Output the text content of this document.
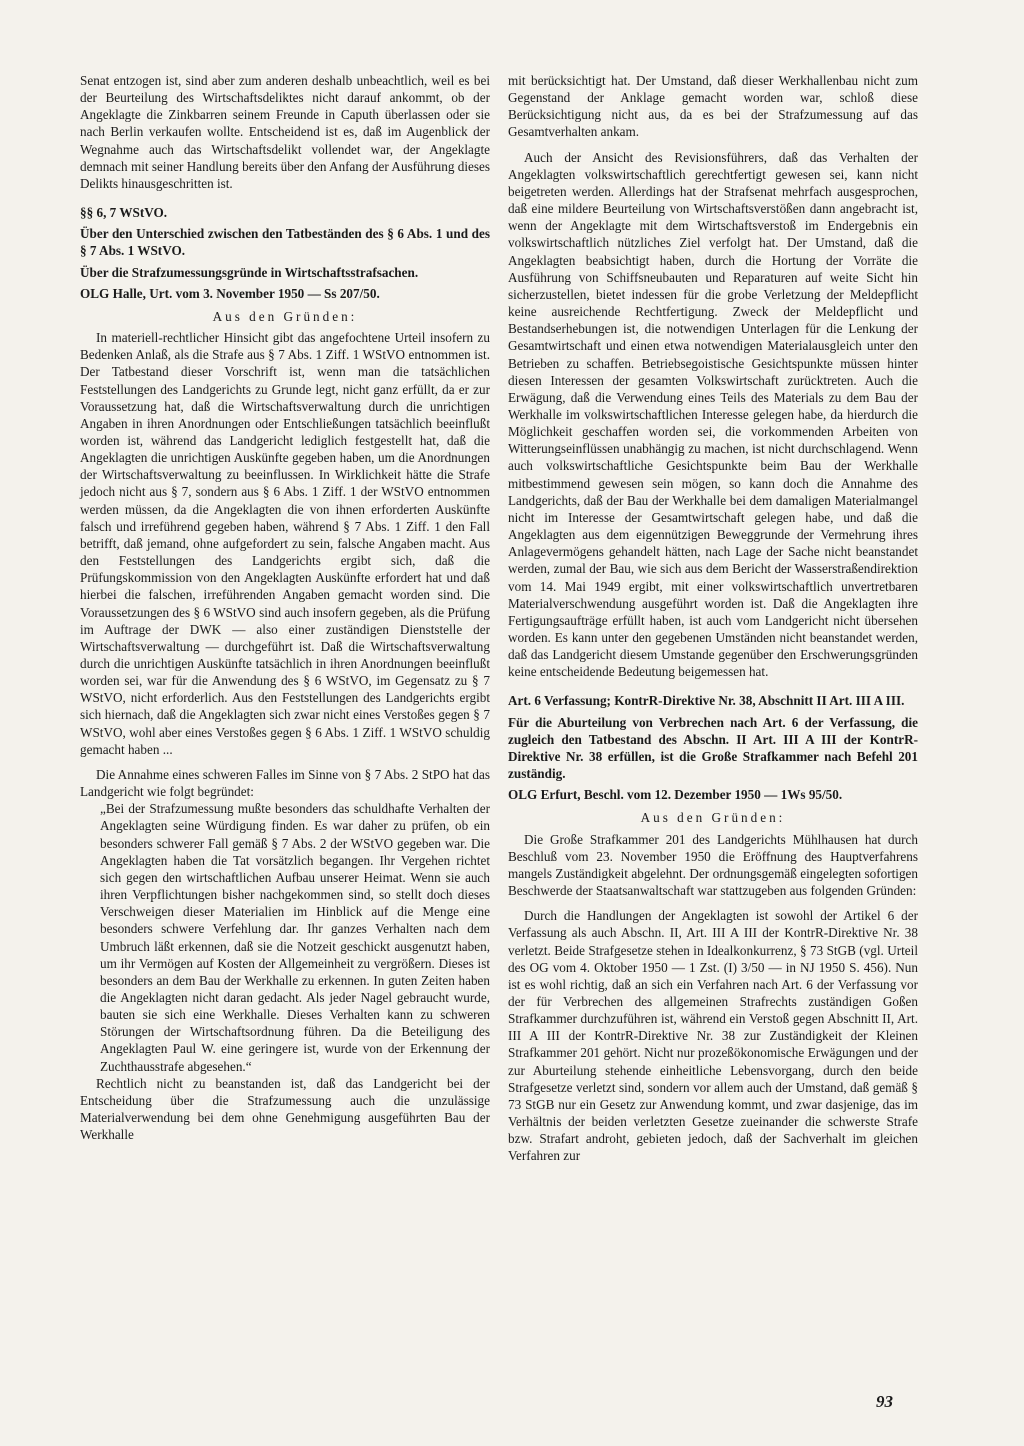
Senat entzogen ist, sind aber zum anderen deshalb unbeachtlich, weil es bei der Beurteilung des Wirtschaftsdeliktes nicht darauf ankommt, ob der Angeklagte die Zinkbarren seinem Freunde in Caputh überlassen oder sie nach Berlin verkaufen wollte. Entscheidend ist es, daß im Augenblick der Wegnahme auch das Wirtschaftsdelikt vollendet war, der Angeklagte demnach mit seiner Handlung bereits über den Anfang der Ausführung dieses Delikts hinausgeschritten ist.

§§ 6, 7 WStVO.

Über den Unterschied zwischen den Tatbeständen des § 6 Abs. 1 und des § 7 Abs. 1 WStVO.

Über die Strafzumessungsgründe in Wirtschaftsstrafsachen.

OLG Halle, Urt. vom 3. November 1950 — Ss 207/50.

Aus den Gründen:

In materiell-rechtlicher Hinsicht gibt das angefochtene Urteil insofern zu Bedenken Anlaß, als die Strafe aus § 7 Abs. 1 Ziff. 1 WStVO entnommen ist. Der Tatbestand dieser Vorschrift ist, wenn man die tatsächlichen Feststellungen des Landgerichts zu Grunde legt, nicht ganz erfüllt, da er zur Voraussetzung hat, daß die Wirtschaftsverwaltung durch die unrichtigen Angaben in ihren Anordnungen oder Entschließungen tatsächlich beeinflußt worden ist, während das Landgericht lediglich festgestellt hat, daß die Angeklagten die unrichtigen Auskünfte gegeben haben, um die Anordnungen der Wirtschaftsverwaltung zu beeinflussen. In Wirklichkeit hätte die Strafe jedoch nicht aus § 7, sondern aus § 6 Abs. 1 Ziff. 1 der WStVO entnommen werden müssen, da die Angeklagten die von ihnen erforderten Auskünfte falsch und irreführend gegeben haben, während § 7 Abs. 1 Ziff. 1 den Fall betrifft, daß jemand, ohne aufgefordert zu sein, falsche Angaben macht. Aus den Feststellungen des Landgerichts ergibt sich, daß die Prüfungskommission von den Angeklagten Auskünfte erfordert hat und daß hierbei die falschen, irreführenden Angaben gemacht worden sind. Die Voraussetzungen des § 6 WStVO sind auch insofern gegeben, als die Prüfung im Auftrage der DWK — also einer zuständigen Dienststelle der Wirtschaftsverwaltung — durchgeführt ist. Daß die Wirtschaftsverwaltung durch die unrichtigen Auskünfte tatsächlich in ihren Anordnungen beeinflußt worden sei, war für die Anwendung des § 6 WStVO, im Gegensatz zu § 7 WStVO, nicht erforderlich. Aus den Feststellungen des Landgerichts ergibt sich hiernach, daß die Angeklagten sich zwar nicht eines Verstoßes gegen § 7 WStVO, wohl aber eines Verstoßes gegen § 6 Abs. 1 Ziff. 1 WStVO schuldig gemacht haben ...

Die Annahme eines schweren Falles im Sinne von § 7 Abs. 2 StPO hat das Landgericht wie folgt begründet:

„Bei der Strafzumessung mußte besonders das schuldhafte Verhalten der Angeklagten seine Würdigung finden. Es war daher zu prüfen, ob ein besonders schwerer Fall gemäß § 7 Abs. 2 der WStVO gegeben war. Die Angeklagten haben die Tat vorsätzlich begangen. Ihr Vergehen richtet sich gegen den wirtschaftlichen Aufbau unserer Heimat. Wenn sie auch ihren Verpflichtungen bisher nachgekommen sind, so stellt doch dieses Verschweigen dieser Materialien im Hinblick auf die Menge eine besonders schwere Verfehlung dar. Ihr ganzes Verhalten nach dem Umbruch läßt erkennen, daß sie die Notzeit geschickt ausgenutzt haben, um ihr Vermögen auf Kosten der Allgemeinheit zu vergrößern. Dieses ist besonders an dem Bau der Werkhalle zu erkennen. In guten Zeiten haben die Angeklagten nicht daran gedacht. Als jeder Nagel gebraucht wurde, bauten sie sich eine Werkhalle. Dieses Verhalten kann zu schweren Störungen der Wirtschaftsordnung führen. Da die Beteiligung des Angeklagten Paul W. eine geringere ist, wurde von der Erkennung der Zuchthausstrafe abgesehen.“

Rechtlich nicht zu beanstanden ist, daß das Landgericht bei der Entscheidung über die Strafzumessung auch die unzulässige Materialverwendung bei dem ohne Genehmigung ausgeführten Bau der Werkhalle

mit berücksichtigt hat. Der Umstand, daß dieser Werkhallenbau nicht zum Gegenstand der Anklage gemacht worden war, schloß diese Berücksichtigung nicht aus, da es bei der Strafzumessung auf das Gesamtverhalten ankam.

Auch der Ansicht des Revisionsführers, daß das Verhalten der Angeklagten volkswirtschaftlich gerechtfertigt gewesen sei, kann nicht beigetreten werden. Allerdings hat der Strafsenat mehrfach ausgesprochen, daß eine mildere Beurteilung von Wirtschaftsverstößen dann angebracht ist, wenn der Angeklagte mit dem Wirtschaftsverstoß im Endergebnis ein volkswirtschaftlich nützliches Ziel verfolgt hat. Der Umstand, daß die Angeklagten beabsichtigt haben, durch die Hortung der Vorräte die Ausführung von Schiffsneubauten und Reparaturen auf weite Sicht hin sicherzustellen, bietet indessen für die grobe Verletzung der Meldepflicht keine ausreichende Rechtfertigung. Zweck der Meldepflicht und Bestandserhebungen ist, die notwendigen Unterlagen für die Lenkung der Gesamtwirtschaft und einen etwa notwendigen Materialausgleich unter den Betrieben zu schaffen. Betriebsegoistische Gesichtspunkte müssen hinter diesen Interessen der gesamten Volkswirtschaft zurücktreten. Auch die Erwägung, daß die Verwendung eines Teils des Materials zu dem Bau der Werkhalle im volkswirtschaftlichen Interesse gelegen habe, da hierdurch die Möglichkeit geschaffen worden sei, die vorkommenden Arbeiten von Witterungseinflüssen unabhängig zu machen, ist nicht durchschlagend. Wenn auch volkswirtschaftliche Gesichtspunkte beim Bau der Werkhalle mitbestimmend gewesen sein mögen, so kann doch die Annahme des Landgerichts, daß der Bau der Werkhalle bei dem damaligen Materialmangel nicht im Interesse der Gesamtwirtschaft gelegen habe, und daß die Angeklagten aus dem eigennützigen Beweggrunde der Vermehrung ihres Anlagevermögens gehandelt hätten, nach Lage der Sache nicht beanstandet werden, zumal der Bau, wie sich aus dem Bericht der Wasserstraßendirektion vom 14. Mai 1949 ergibt, mit einer volkswirtschaftlich unvertretbaren Materialverschwendung ausgeführt worden ist. Daß die Angeklagten ihre Fertigungsaufträge erfüllt haben, ist auch vom Landgericht nicht übersehen worden. Es kann unter den gegebenen Umständen nicht beanstandet werden, daß das Landgericht diesem Umstande gegenüber den Erschwerungsgründen keine entscheidende Bedeutung beigemessen hat.

Art. 6 Verfassung; KontrR-Direktive Nr. 38, Abschnitt II Art. III A III.

Für die Aburteilung von Verbrechen nach Art. 6 der Verfassung, die zugleich den Tatbestand des Abschn. II Art. III A III der KontrR-Direktive Nr. 38 erfüllen, ist die Große Strafkammer nach Befehl 201 zuständig.

OLG Erfurt, Beschl. vom 12. Dezember 1950 — 1Ws 95/50.

Aus den Gründen:

Die Große Strafkammer 201 des Landgerichts Mühlhausen hat durch Beschluß vom 23. November 1950 die Eröffnung des Hauptverfahrens mangels Zuständigkeit abgelehnt. Der ordnungsgemäß eingelegten sofortigen Beschwerde der Staatsanwaltschaft war stattzugeben aus folgenden Gründen:

Durch die Handlungen der Angeklagten ist sowohl der Artikel 6 der Verfassung als auch Abschn. II, Art. III A III der KontrR-Direktive Nr. 38 verletzt. Beide Strafgesetze stehen in Idealkonkurrenz, § 73 StGB (vgl. Urteil des OG vom 4. Oktober 1950 — 1 Zst. (I) 3/50 — in NJ 1950 S. 456). Nun ist es wohl richtig, daß an sich ein Verfahren nach Art. 6 der Verfassung vor der für Verbrechen des allgemeinen Strafrechts zuständigen Goßen Strafkammer durchzuführen ist, während ein Verstoß gegen Abschnitt II, Art. III A III der KontrR-Direktive Nr. 38 zur Zuständigkeit der Kleinen Strafkammer 201 gehört. Nicht nur prozeßökonomische Erwägungen und der zur Aburteilung stehende einheitliche Lebensvorgang, durch den beide Strafgesetze verletzt sind, sondern vor allem auch der Umstand, daß gemäß § 73 StGB nur ein Gesetz zur Anwendung kommt, und zwar dasjenige, das im Verhältnis der beiden verletzten Gesetze zueinander die schwerste Strafe bzw. Strafart androht, gebieten jedoch, daß der Sachverhalt im gleichen Verfahren zur

93
